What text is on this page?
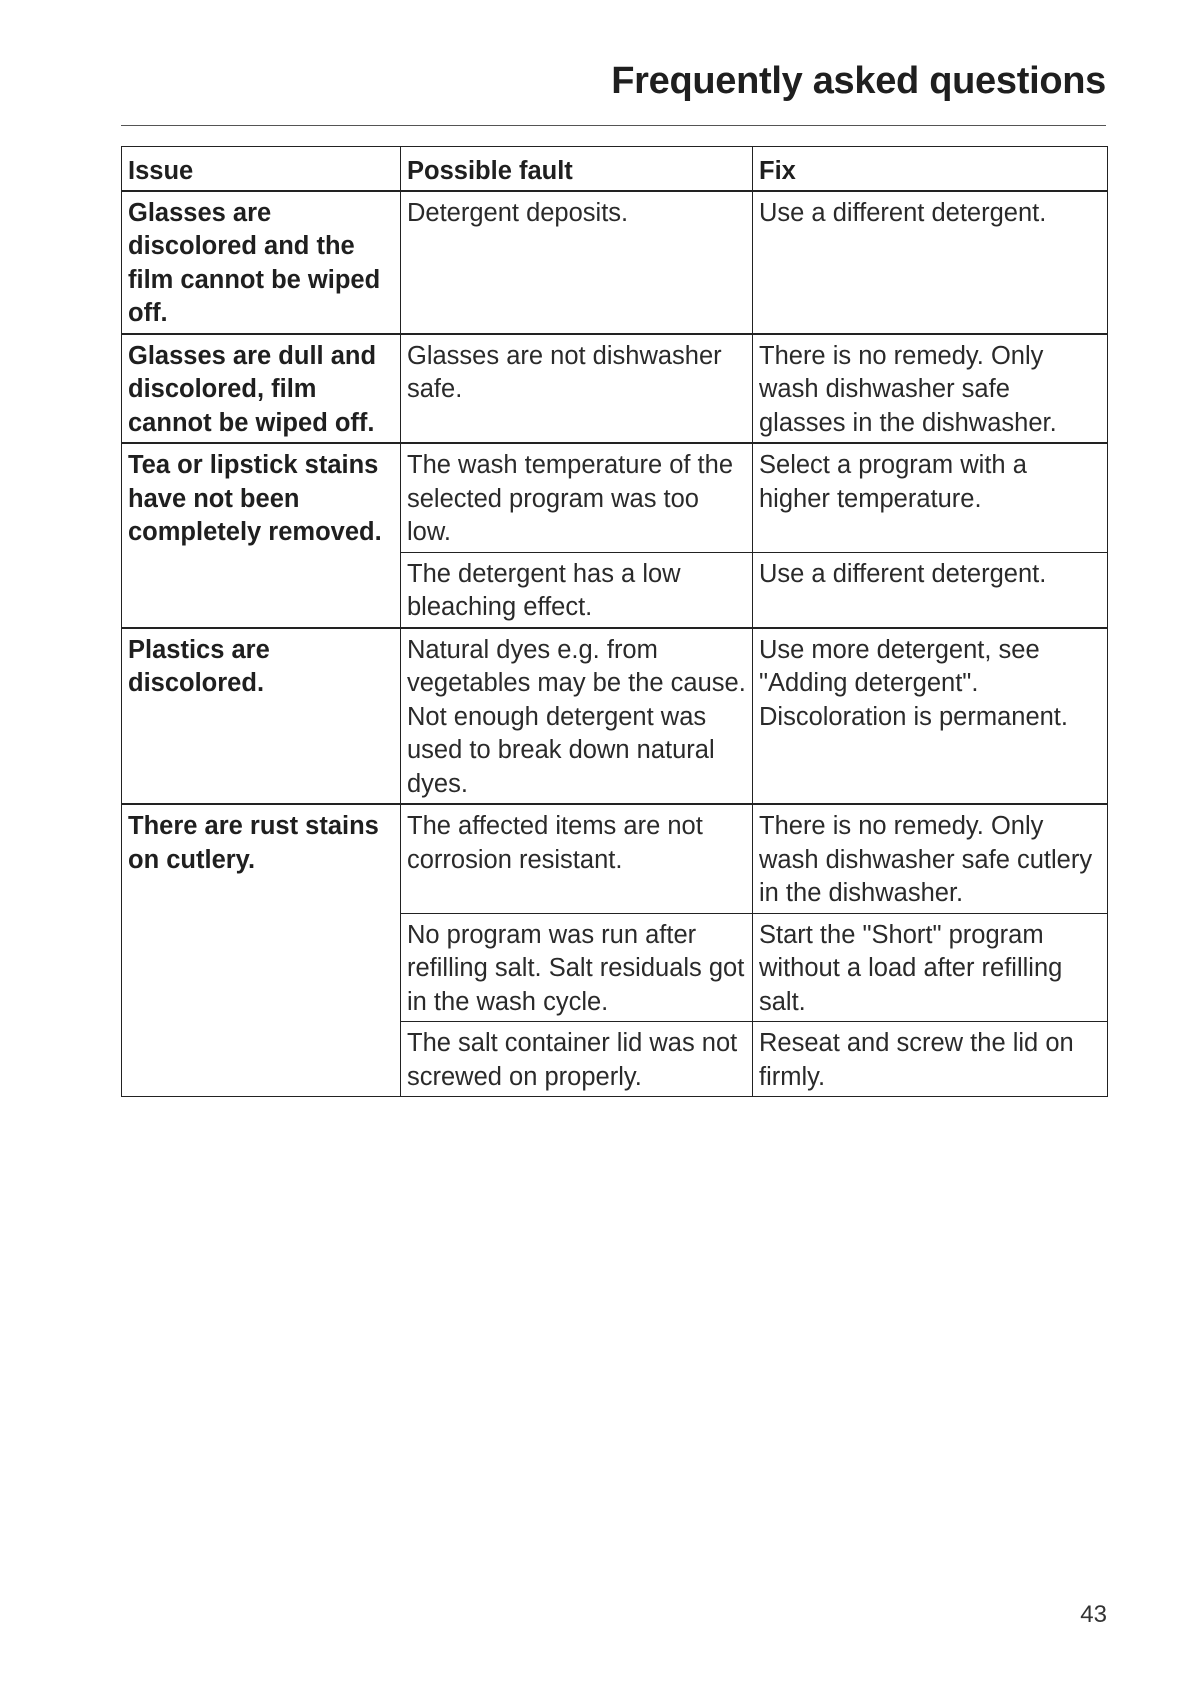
Frequently asked questions
Issue	Possible fault	Fix
Glasses are discolored and the film cannot be wiped off.	Detergent deposits.	Use a different detergent.
Glasses are dull and discolored, film cannot be wiped off.	Glasses are not dishwasher safe.	There is no remedy. Only wash dishwasher safe glasses in the dishwasher.
Tea or lipstick stains have not been completely removed.	The wash temperature of the selected program was too low.	Select a program with a higher temperature.
	The detergent has a low bleaching effect.	Use a different detergent.
Plastics are discolored.	Natural dyes e.g. from vegetables may be the cause. Not enough detergent was used to break down natural dyes.	Use more detergent, see "Adding detergent". Discoloration is permanent.
There are rust stains on cutlery.	The affected items are not corrosion resistant.	There is no remedy. Only wash dishwasher safe cutlery in the dishwasher.
	No program was run after refilling salt. Salt residuals got in the wash cycle.	Start the "Short" program without a load after refilling salt.
	The salt container lid was not screwed on properly.	Reseat and screw the lid on firmly.
43
